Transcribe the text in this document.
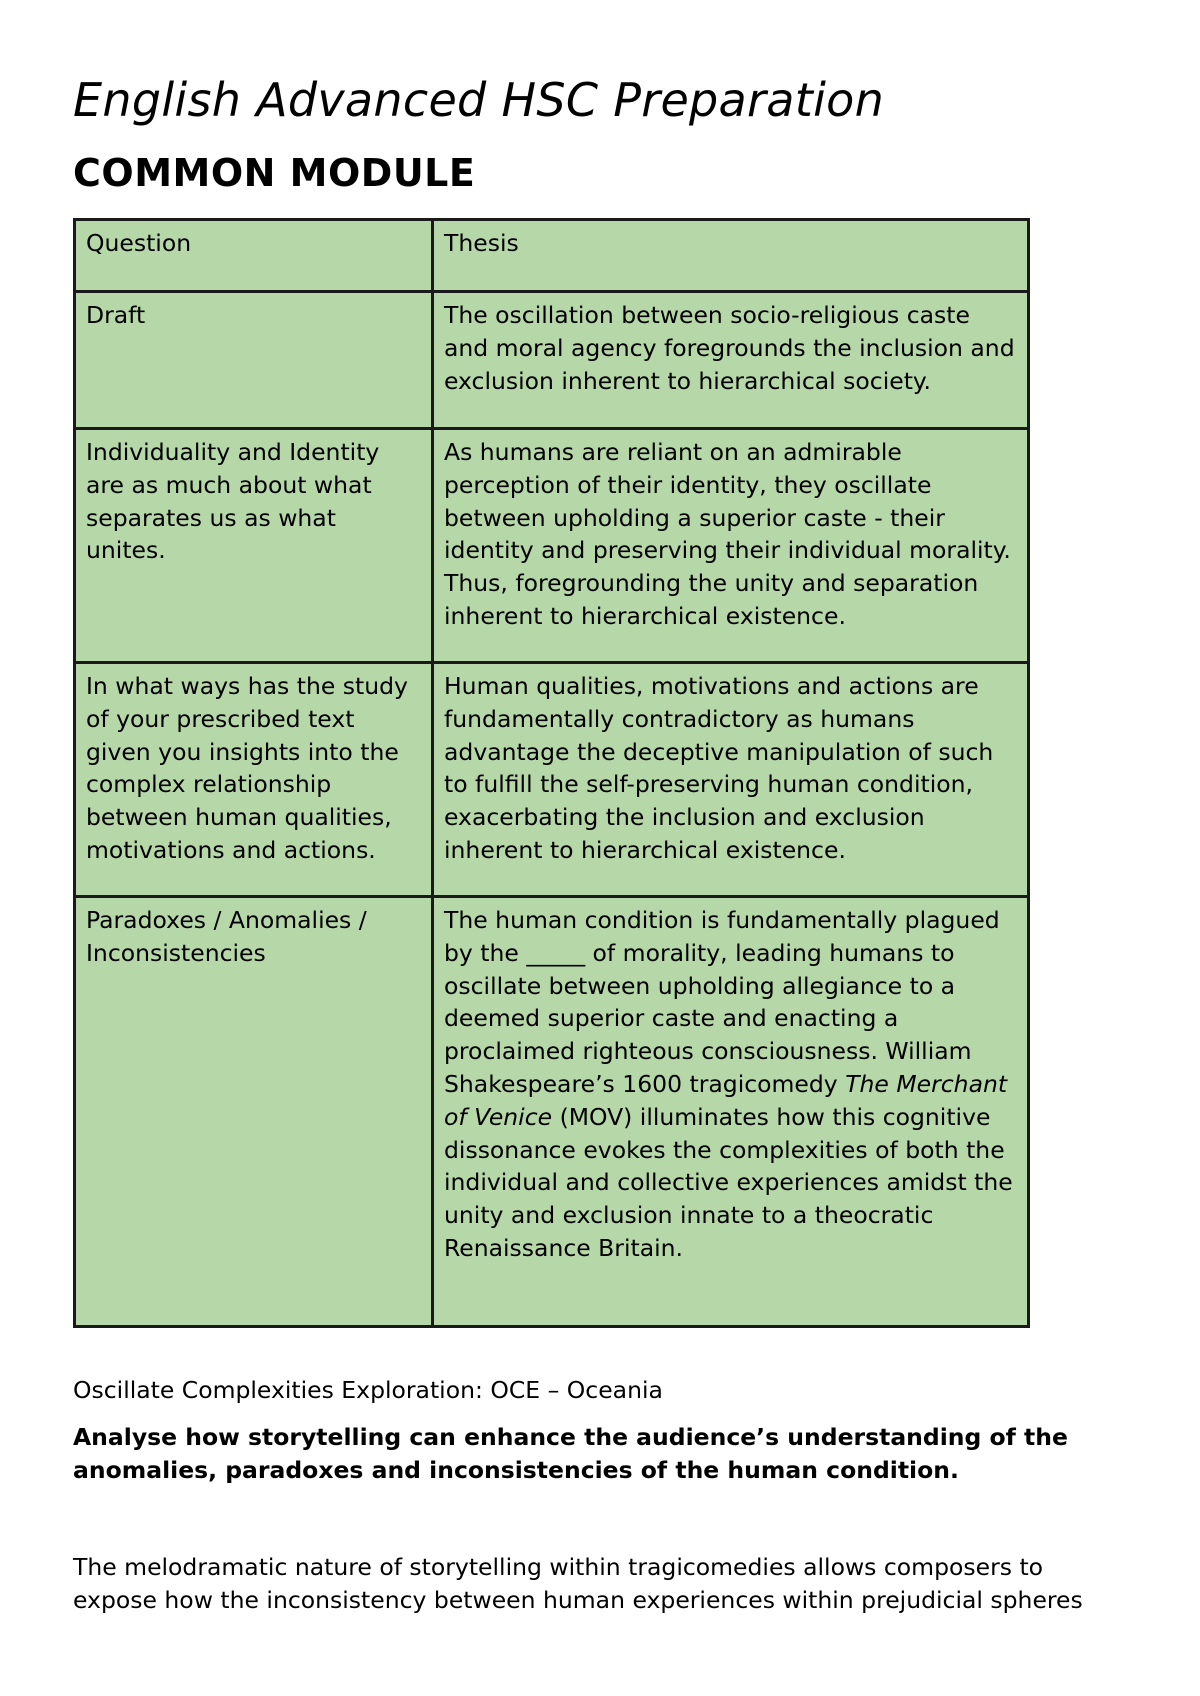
English Advanced HSC Preparation
COMMON MODULE
Question	Thesis
Draft	The oscillation between socio-religious caste and moral agency foregrounds the inclusion and exclusion inherent to hierarchical society.
Individuality and Identity are as much about what separates us as what unites.	As humans are reliant on an admirable perception of their identity, they oscillate between upholding a superior caste - their identity and preserving their individual morality. Thus, foregrounding the unity and separation inherent to hierarchical existence.
In what ways has the study of your prescribed text given you insights into the complex relationship between human qualities, motivations and actions.	Human qualities, motivations and actions are fundamentally contradictory as humans advantage the deceptive manipulation of such to fulfill the self-preserving human condition, exacerbating the inclusion and exclusion inherent to hierarchical existence.
Paradoxes / Anomalies / Inconsistencies	The human condition is fundamentally plagued by the _____ of morality, leading humans to oscillate between upholding allegiance to a deemed superior caste and enacting a proclaimed righteous consciousness. William Shakespeare’s 1600 tragicomedy The Merchant of Venice (MOV) illuminates how this cognitive dissonance evokes the complexities of both the individual and collective experiences amidst the unity and exclusion innate to a theocratic Renaissance Britain.

Oscillate Complexities Exploration: OCE – Oceania

Analyse how storytelling can enhance the audience’s understanding of the anomalies, paradoxes and inconsistencies of the human condition.

The melodramatic nature of storytelling within tragicomedies allows composers to
expose how the inconsistency between human experiences within prejudicial spheres
